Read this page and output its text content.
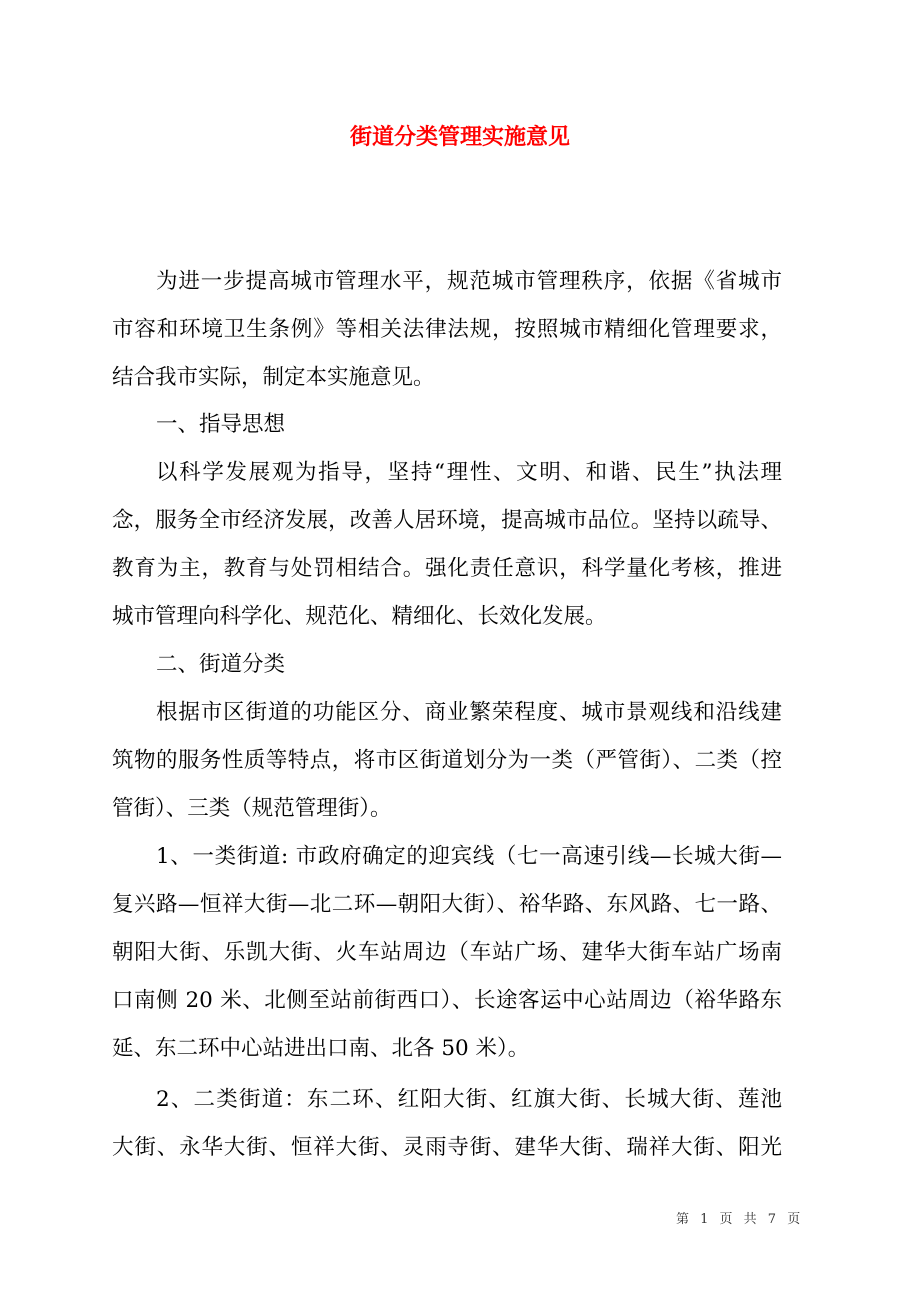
街道分类管理实施意见
为进一步提高城市管理水平，规范城市管理秩序，依据《省城市
市容和环境卫生条例》等相关法律法规，按照城市精细化管理要求，
结合我市实际，制定本实施意见。
一、指导思想
以科学发展观为指导，坚持“理性、文明、和谐、民生”执法理
念，服务全市经济发展，改善人居环境，提高城市品位。坚持以疏导、
教育为主，教育与处罚相结合。强化责任意识，科学量化考核，推进
城市管理向科学化、规范化、精细化、长效化发展。
二、街道分类
根据市区街道的功能区分、商业繁荣程度、城市景观线和沿线建
筑物的服务性质等特点，将市区街道划分为一类（严管街）、二类（控
管街）、三类（规范管理街）。
1、一类街道: 市政府确定的迎宾线（七一高速引线—长城大街—
复兴路—恒祥大街—北二环—朝阳大街）、裕华路、东风路、七一路、
朝阳大街、乐凯大街、火车站周边（车站广场、建华大街车站广场南
口南侧 20 米、北侧至站前街西口）、长途客运中心站周边（裕华路东
延、东二环中心站进出口南、北各 50 米）。
2、二类街道：东二环、红阳大街、红旗大街、长城大街、莲池
大街、永华大街、恒祥大街、灵雨寺街、建华大街、瑞祥大街、阳光
第 1 页 共 7 页
